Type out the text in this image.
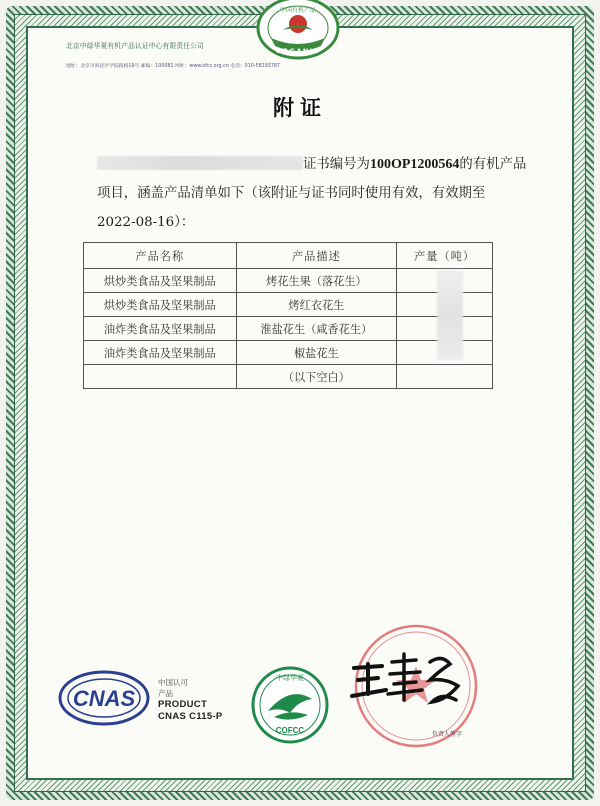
北京中绿华夏有机产品认证中心有限责任公司
地址：北京市海淀区学院路路19号 邮编：100081 网址：www.ofcc.org.cn 电话：010-58193787
中国有机产品
ORGANIC
附证
证书编号为100OP1200564的有机产品项目，涵盖产品清单如下（该附证与证书同时使用有效，有效期至 2022-08-16）：
产品名称	产品描述	产量（吨）
烘炒类食品及坚果制品	烤花生果（落花生）	
烘炒类食品及坚果制品	烤红衣花生	
油炸类食品及坚果制品	淮盐花生（咸香花生）	
油炸类食品及坚果制品	椒盐花生	
	（以下空白）	
CNAS
中国认可
产品
PRODUCT
CNAS C115-P
中绿华夏
COFCC	负责人签字
